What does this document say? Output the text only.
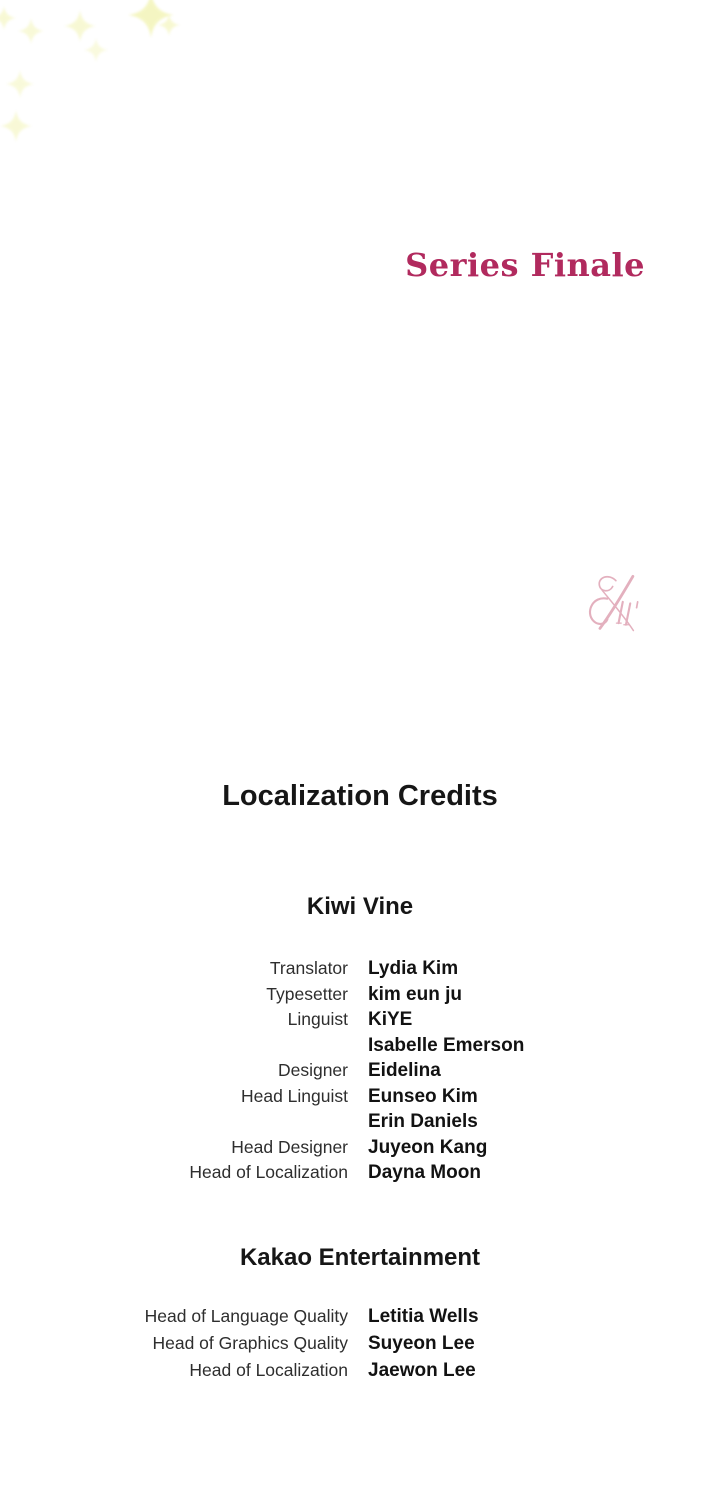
Series Finale
Localization Credits
Kiwi Vine
Translator Lydia Kim
Typesetter kim eun ju
Linguist KiYE
Isabelle Emerson
Designer Eidelina
Head Linguist Eunseo Kim
Erin Daniels
Head Designer Juyeon Kang
Head of Localization Dayna Moon
Kakao Entertainment
Head of Language Quality Letitia Wells
Head of Graphics Quality Suyeon Lee
Head of Localization Jaewon Lee
